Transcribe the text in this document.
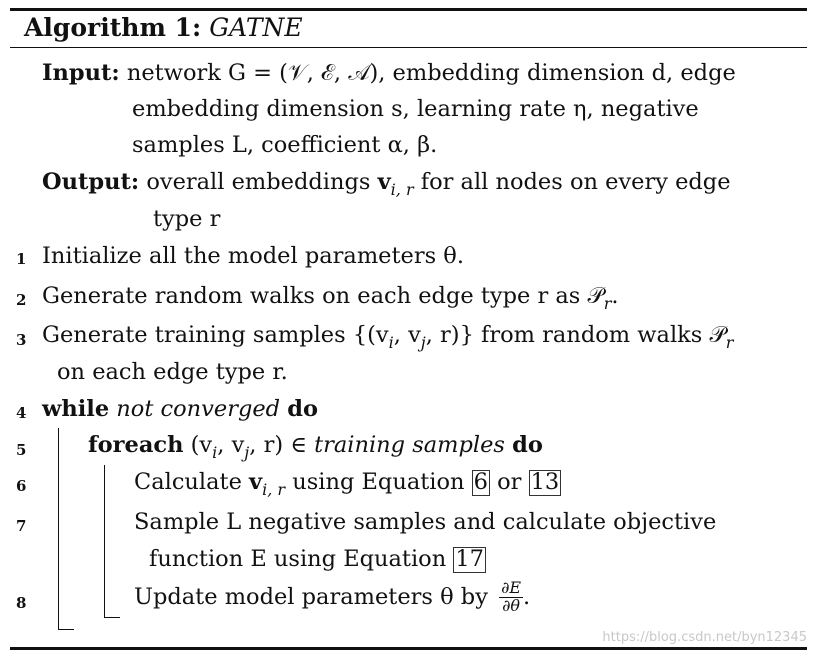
Algorithm 1: GATNE
Input: network G = (𝒱, ℰ, 𝒜), embedding dimension d, edge
embedding dimension s, learning rate η, negative
samples L, coefficient α, β.
Output: overall embeddings $v_{i, r}$ for all nodes on every edge
type r
1 Initialize all the model parameters θ.
2 Generate random walks on each edge type r as 𝒫$_r$.
3 Generate training samples {($v_i$, $v_j$, r)} from random walks 𝒫$_r$
on each edge type r.
4 while not converged do
5	foreach ($v_i$, $v_j$, r) ∈ training samples do
6	Calculate $v_{i, r}$ using Equation 6 or 13
7	Sample L negative samples and calculate objective
function E using Equation 17
8	Update model parameters θ by $\frac{\partial E}{\partial\theta}$ .
https://blog.csdn.net/byn12345
